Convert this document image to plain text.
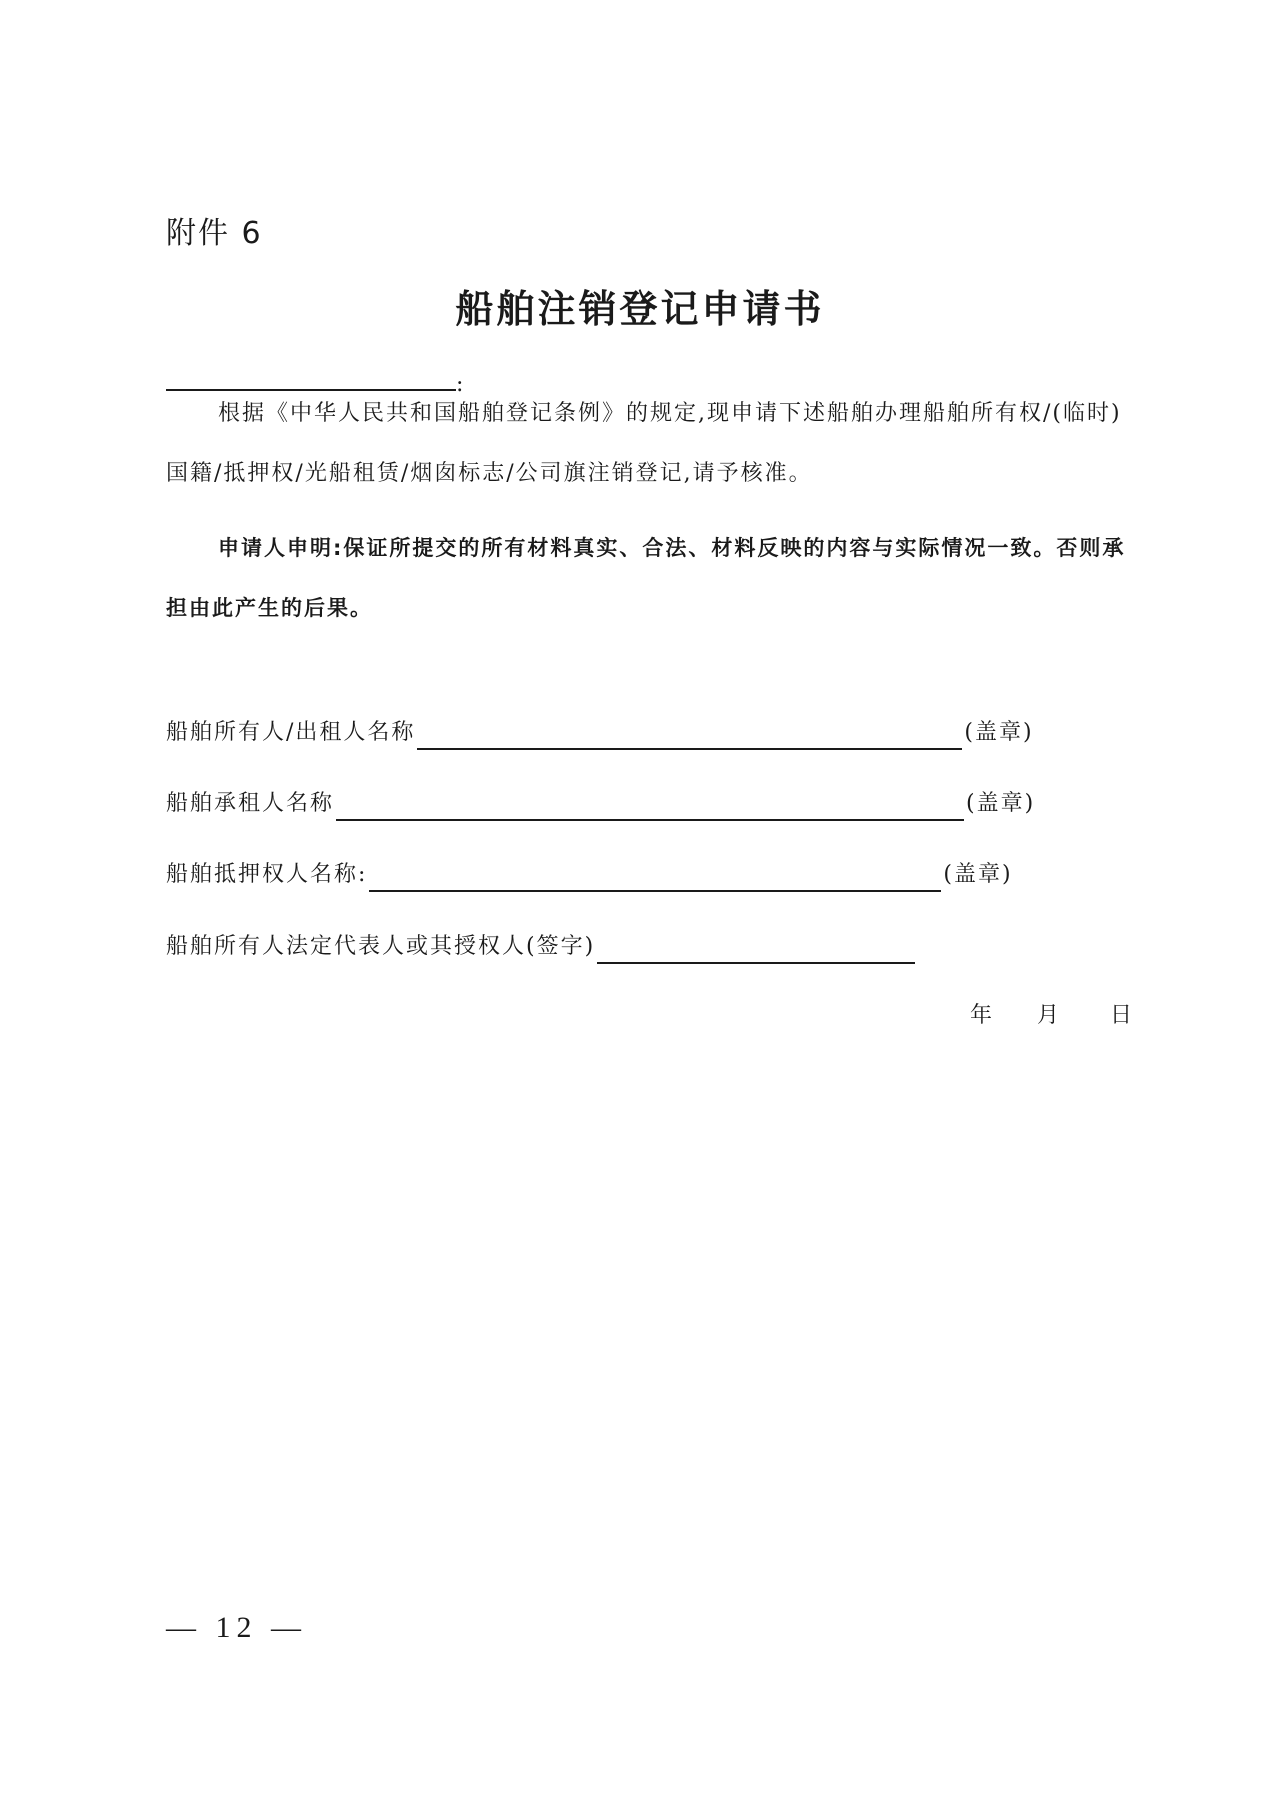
附件 6
船舶注销登记申请书
:
根据《中华人民共和国船舶登记条例》的规定,现申请下述船舶办理船舶所有权/(临时)国籍/抵押权/光船租赁/烟囱标志/公司旗注销登记,请予核准。
申请人申明:保证所提交的所有材料真实、合法、材料反映的内容与实际情况一致。否则承担由此产生的后果。
船舶所有人/出租人名称	(盖章)
船舶承租人名称	(盖章)
船舶抵押权人名称:	(盖章)
船舶所有人法定代表人或其授权人(签字)
年 月 日
— 12 —
